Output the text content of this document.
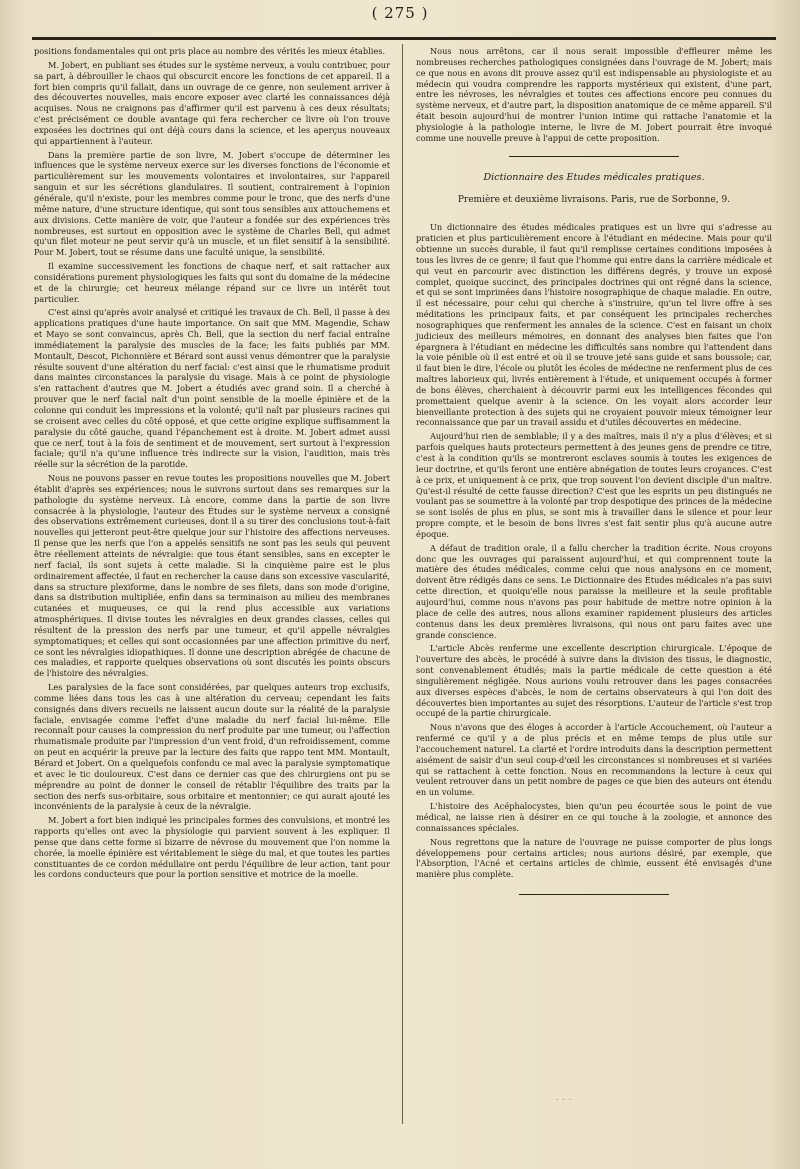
( 275 )

positions fondamentales qui ont pris place au nombre des vérités les mieux établies.

M. Jobert, en publiant ses études sur le système nerveux, a voulu contribuer, pour sa part, à débrouiller le chaos qui obscurcit encore les fonctions de cet appareil. Il a fort bien compris qu'il fallait, dans un ouvrage de ce genre, non seulement arriver à des découvertes nouvelles, mais encore exposer avec clarté les connaissances déjà acquises. Nous ne craignons pas d'affirmer qu'il est parvenu à ces deux résultats; c'est précisément ce double avantage qui fera rechercher ce livre où l'on trouve exposées les doctrines qui ont déjà cours dans la science, et les aperçus nouveaux qui appartiennent à l'auteur.

Dans la première partie de son livre, M. Jobert s'occupe de déterminer les influences que le système nerveux exerce sur les diverses fonctions de l'économie et particulièrement sur les mouvements volontaires et involontaires, sur l'appareil sanguin et sur les sécrétions glandulaires. Il soutient, contrairement à l'opinion générale, qu'il n'existe, pour les membres comme pour le tronc, que des nerfs d'une même nature, d'une structure identique, qui sont tous sensibles aux attouchemens et aux divisions. Cette manière de voir, que l'auteur a fondée sur des expériences très nombreuses, est surtout en opposition avec le système de Charles Bell, qui admet qu'un filet moteur ne peut servir qu'à un muscle, et un filet sensitif à la sensibilité. Pour M. Jobert, tout se résume dans une faculté unique, la sensibilité.

Il examine successivement les fonctions de chaque nerf, et sait rattacher aux considérations purement physiologiques les faits qui sont du domaine de la médecine et de la chirurgie; cet heureux mélange répand sur ce livre un intérêt tout particulier.

C'est ainsi qu'après avoir analysé et critiqué les travaux de Ch. Bell, il passe à des applications pratiques d'une haute importance. On sait que MM. Magendie, Schaw et Mayo se sont convaincus, après Ch. Bell, que la section du nerf facial entraîne immédiatement la paralysie des muscles de la face; les faits publiés par MM. Montault, Descot, Pichonnière et Bérard sont aussi venus démontrer que la paralysie résulte souvent d'une altération du nerf facial: c'est ainsi que le rhumatisme produit dans maintes circonstances la paralysie du visage. Mais à ce point de physiologie s'en rattachent d'autres que M. Jobert a étudiés avec grand soin. Il a cherché à prouver que le nerf facial naît d'un point sensible de la moelle épinière et de la colonne qui conduit les impressions et la volonté; qu'il naît par plusieurs racines qui se croisent avec celles du côté opposé, et que cette origine explique suffisamment la paralysie du côté gauche, quand l'épanchement est à droite. M. Jobert admet aussi que ce nerf, tout à la fois de sentiment et de mouvement, sert surtout à l'expression faciale; qu'il n'a qu'une influence très indirecte sur la vision, l'audition, mais très réelle sur la sécrétion de la parotide.

Nous ne pouvons passer en revue toutes les propositions nouvelles que M. Jobert établit d'après ses expériences; nous le suivrons surtout dans ses remarques sur la pathologie du système nerveux. Là encore, comme dans la partie de son livre consacrée à la physiologie, l'auteur des Études sur le système nerveux a consigné des observations extrêmement curieuses, dont il a su tirer des conclusions tout-à-fait nouvelles qui jetteront peut-être quelque jour sur l'histoire des affections nerveuses. Il pense que les nerfs que l'on a appelés sensitifs ne sont pas les seuls qui peuvent être réellement atteints de névralgie: que tous étant sensibles, sans en excepter le nerf facial, ils sont sujets à cette maladie. Si la cinquième paire est le plus ordinairement affectée, il faut en rechercher la cause dans son excessive vascularité, dans sa structure plexiforme, dans le nombre de ses filets, dans son mode d'origine, dans sa distribution multipliée, enfin dans sa terminaison au milieu des membranes cutanées et muqueuses, ce qui la rend plus accessible aux variations atmosphériques. Il divise toutes les névralgies en deux grandes classes, celles qui résultent de la pression des nerfs par une tumeur, et qu'il appelle névralgies symptomatiques; et celles qui sont occasionnées par une affection primitive du nerf, ce sont les névralgies idiopathiques. Il donne une description abrégée de chacune de ces maladies, et rapporte quelques observations où sont discutés les points obscurs de l'histoire des névralgies.

Les paralysies de la face sont considérées, par quelques auteurs trop exclusifs, comme liées dans tous les cas à une altération du cerveau; cependant les faits consignés dans divers recueils ne laissent aucun doute sur la réalité de la paralysie faciale, envisagée comme l'effet d'une maladie du nerf facial lui-même. Elle reconnaît pour causes la compression du nerf produite par une tumeur, ou l'affection rhumatismale produite par l'impression d'un vent froid, d'un refroidissement, comme on peut en acquérir la preuve par la lecture des faits que rappo tent MM. Montault, Bérard et Jobert. On a quelquefois confondu ce mal avec la paralysie symptomatique et avec le tic douloureux. C'est dans ce dernier cas que des chirurgiens ont pu se méprendre au point de donner le conseil de rétablir l'équilibre des traits par la section des nerfs sus-orbitaire, sous orbitaire et mentonnier; ce qui aurait ajouté les inconvénients de la paralysie à ceux de la névralgie.

M. Jobert a fort bien indiqué les principales formes des convulsions, et montré les rapports qu'elles ont avec la physiologie qui parvient souvent à les expliquer. Il pense que dans cette forme si bizarre de névrose du mouvement que l'on nomme la chorée, la moelle épinière est véritablement le siège du mal, et que toutes les parties constituantes de ce cordon médullaire ont perdu l'équilibre de leur action, tant pour les cordons conducteurs que pour la portion sensitive et motrice de la moelle.

Nous nous arrêtons, car il nous serait impossible d'effleurer même les nombreuses recherches pathologiques consignées dans l'ouvrage de M. Jobert; mais ce que nous en avons dit prouve assez qu'il est indispensable au physiologiste et au médecin qui voudra comprendre les rapports mystérieux qui existent, d'une part, entre les névroses, les névralgies et toutes ces affections encore peu connues du système nerveux, et d'autre part, la disposition anatomique de ce même appareil. S'il était besoin aujourd'hui de montrer l'union intime qui rattache l'anatomie et la physiologie à la pathologie interne, le livre de M. Jobert pourrait être invoqué comme une nouvelle preuve à l'appui de cette proposition.

Dictionnaire des Etudes médicales pratiques.

Première et deuxième livraisons. Paris, rue de Sorbonne, 9.

Un dictionnaire des études médicales pratiques est un livre qui s'adresse au praticien et plus particulièrement encore à l'étudiant en médecine. Mais pour qu'il obtienne un succès durable, il faut qu'il remplisse certaines conditions imposées à tous les livres de ce genre; il faut que l'homme qui entre dans la carrière médicale et qui veut en parcourir avec distinction les différens degrés, y trouve un exposé complet, quoique succinct, des principales doctrines qui ont régné dans la science, et qui se sont imprimées dans l'histoire nosographique de chaque maladie. En outre, il est nécessaire, pour celui qui cherche à s'instruire, qu'un tel livre offre à ses méditations les principaux faits, et par conséquent les principales recherches nosographiques que renferment les annales de la science. C'est en faisant un choix judicieux des meilleurs mémoires, en donnant des analyses bien faites que l'on épargnera à l'étudiant en médecine les difficultés sans nombre qui l'attendent dans la voie pénible où il est entré et où il se trouve jeté sans guide et sans boussole; car, il faut bien le dire, l'école ou plutôt les écoles de médecine ne renferment plus de ces maîtres laborieux qui, livrés entièrement à l'étude, et uniquement occupés à former de bons élèves, cherchaient à découvrir parmi eux les intelligences fécondes qui promettaient quelque avenir à la science. On les voyait alors accorder leur bienveillante protection à des sujets qui ne croyaient pouvoir mieux témoigner leur reconnaissance que par un travail assidu et d'utiles découvertes en médecine.

Aujourd'hui rien de semblable; il y a des maîtres, mais il n'y a plus d'élèves; et si parfois quelques hauts protecteurs permettent à des jeunes gens de prendre ce titre, c'est à la condition qu'ils se montreront esclaves soumis à toutes les exigences de leur doctrine, et qu'ils feront une entière abnégation de toutes leurs croyances. C'est à ce prix, et uniquement à ce prix, que trop souvent l'on devient disciple d'un maître. Qu'est-il résulté de cette fausse direction? C'est que les esprits un peu distingués ne voulant pas se soumettre à la volonté par trop despotique des princes de la médecine se sont isolés de plus en plus, se sont mis à travailler dans le silence et pour leur propre compte, et le besoin de bons livres s'est fait sentir plus qu'à aucune autre époque.

A défaut de tradition orale, il a fallu chercher la tradition écrite. Nous croyons donc que les ouvrages qui paraissent aujourd'hui, et qui comprennent toute la matière des études médicales, comme celui que nous analysons en ce moment, doivent être rédigés dans ce sens. Le Dictionnaire des Études médicales n'a pas suivi cette direction, et quoiqu'elle nous paraisse la meilleure et la seule profitable aujourd'hui, comme nous n'avons pas pour habitude de mettre notre opinion à la place de celle des autres, nous allons examiner rapidement plusieurs des articles contenus dans les deux premières livraisons, qui nous ont paru faites avec une grande conscience.

L'article Abcès renferme une excellente description chirurgicale. L'époque de l'ouverture des abcès, le procédé à suivre dans la division des tissus, le diagnostic, sont convenablement étudiés; mais la partie médicale de cette question a été singulièrement négligée. Nous aurions voulu retrouver dans les pages consacrées aux diverses espèces d'abcès, le nom de certains observateurs à qui l'on doit des découvertes bien importantes au sujet des résorptions. L'auteur de l'article s'est trop occupé de la partie chirurgicale.

Nous n'avons que des éloges à accorder à l'article Accouchement, où l'auteur a renfermé ce qu'il y a de plus précis et en même temps de plus utile sur l'accouchement naturel. La clarté et l'ordre introduits dans la description permettent aisément de saisir d'un seul coup-d'œil les circonstances si nombreuses et si variées qui se rattachent à cette fonction. Nous en recommandons la lecture à ceux qui veulent retrouver dans un petit nombre de pages ce que bien des auteurs ont étendu en un volume.

L'histoire des Acéphalocystes, bien qu'un peu écourtée sous le point de vue médical, ne laisse rien à désirer en ce qui touche à la zoologie, et annonce des connaissances spéciales.

Nous regrettons que la nature de l'ouvrage ne puisse comporter de plus longs développemens pour certains articles; nous aurions désiré, par exemple, que l'Absorption, l'Acné et certains articles de chimie, eussent été envisagés d'une manière plus complète.

· · ·
